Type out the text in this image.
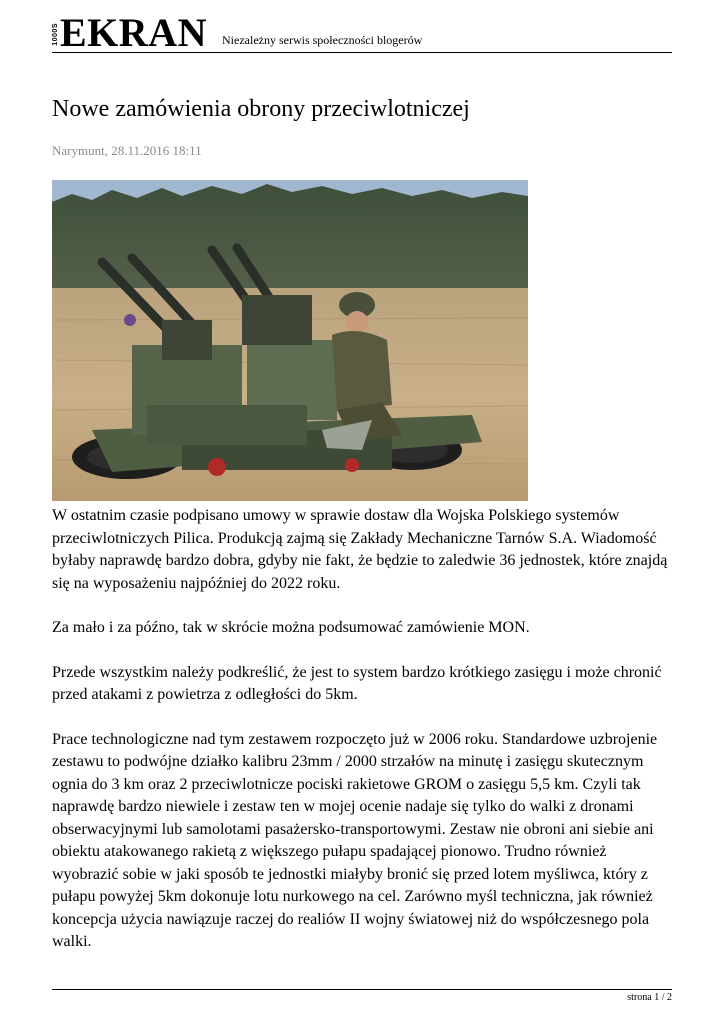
1000S EKRAN Niezależny serwis społeczności blogerów
Nowe zamówienia obrony przeciwlotniczej
Narymunt, 28.11.2016 18:11

W ostatnim czasie podpisano umowy w sprawie dostaw dla Wojska Polskiego systemów przeciwlotniczych Pilica. Produkcją zajmą się Zakłady Mechaniczne Tarnów S.A. Wiadomość byłaby naprawdę bardzo dobra, gdyby nie fakt, że będzie to zaledwie 36 jednostek, które znajdą się na wyposażeniu najpóźniej do 2022 roku.

Za mało i za późno, tak w skrócie można podsumować zamówienie MON.

Przede wszystkim należy podkreślić, że jest to system bardzo krótkiego zasięgu i może chronić przed atakami z powietrza z odległości do 5km.

Prace technologiczne nad tym zestawem rozpoczęto już w 2006 roku. Standardowe uzbrojenie zestawu to podwójne działko kalibru 23mm / 2000 strzałów na minutę i zasięgu skutecznym ognia do 3 km oraz 2 przeciwlotnicze pociski rakietowe GROM o zasięgu 5,5 km. Czyli tak naprawdę bardzo niewiele i zestaw ten w mojej ocenie nadaje się tylko do walki z dronami obserwacyjnymi lub samolotami pasażersko-transportowymi. Zestaw nie obroni ani siebie ani obiektu atakowanego rakietą z większego pułapu spadającej pionowo. Trudno również wyobrazić sobie w jaki sposób te jednostki miałyby bronić się przed lotem myśliwca, który z pułapu powyżej 5km dokonuje lotu nurkowego na cel. Zarówno myśl techniczna, jak również koncepcja użycia nawiązuje raczej do realiów II wojny światowej niż do współczesnego pola walki.

strona 1 / 2
